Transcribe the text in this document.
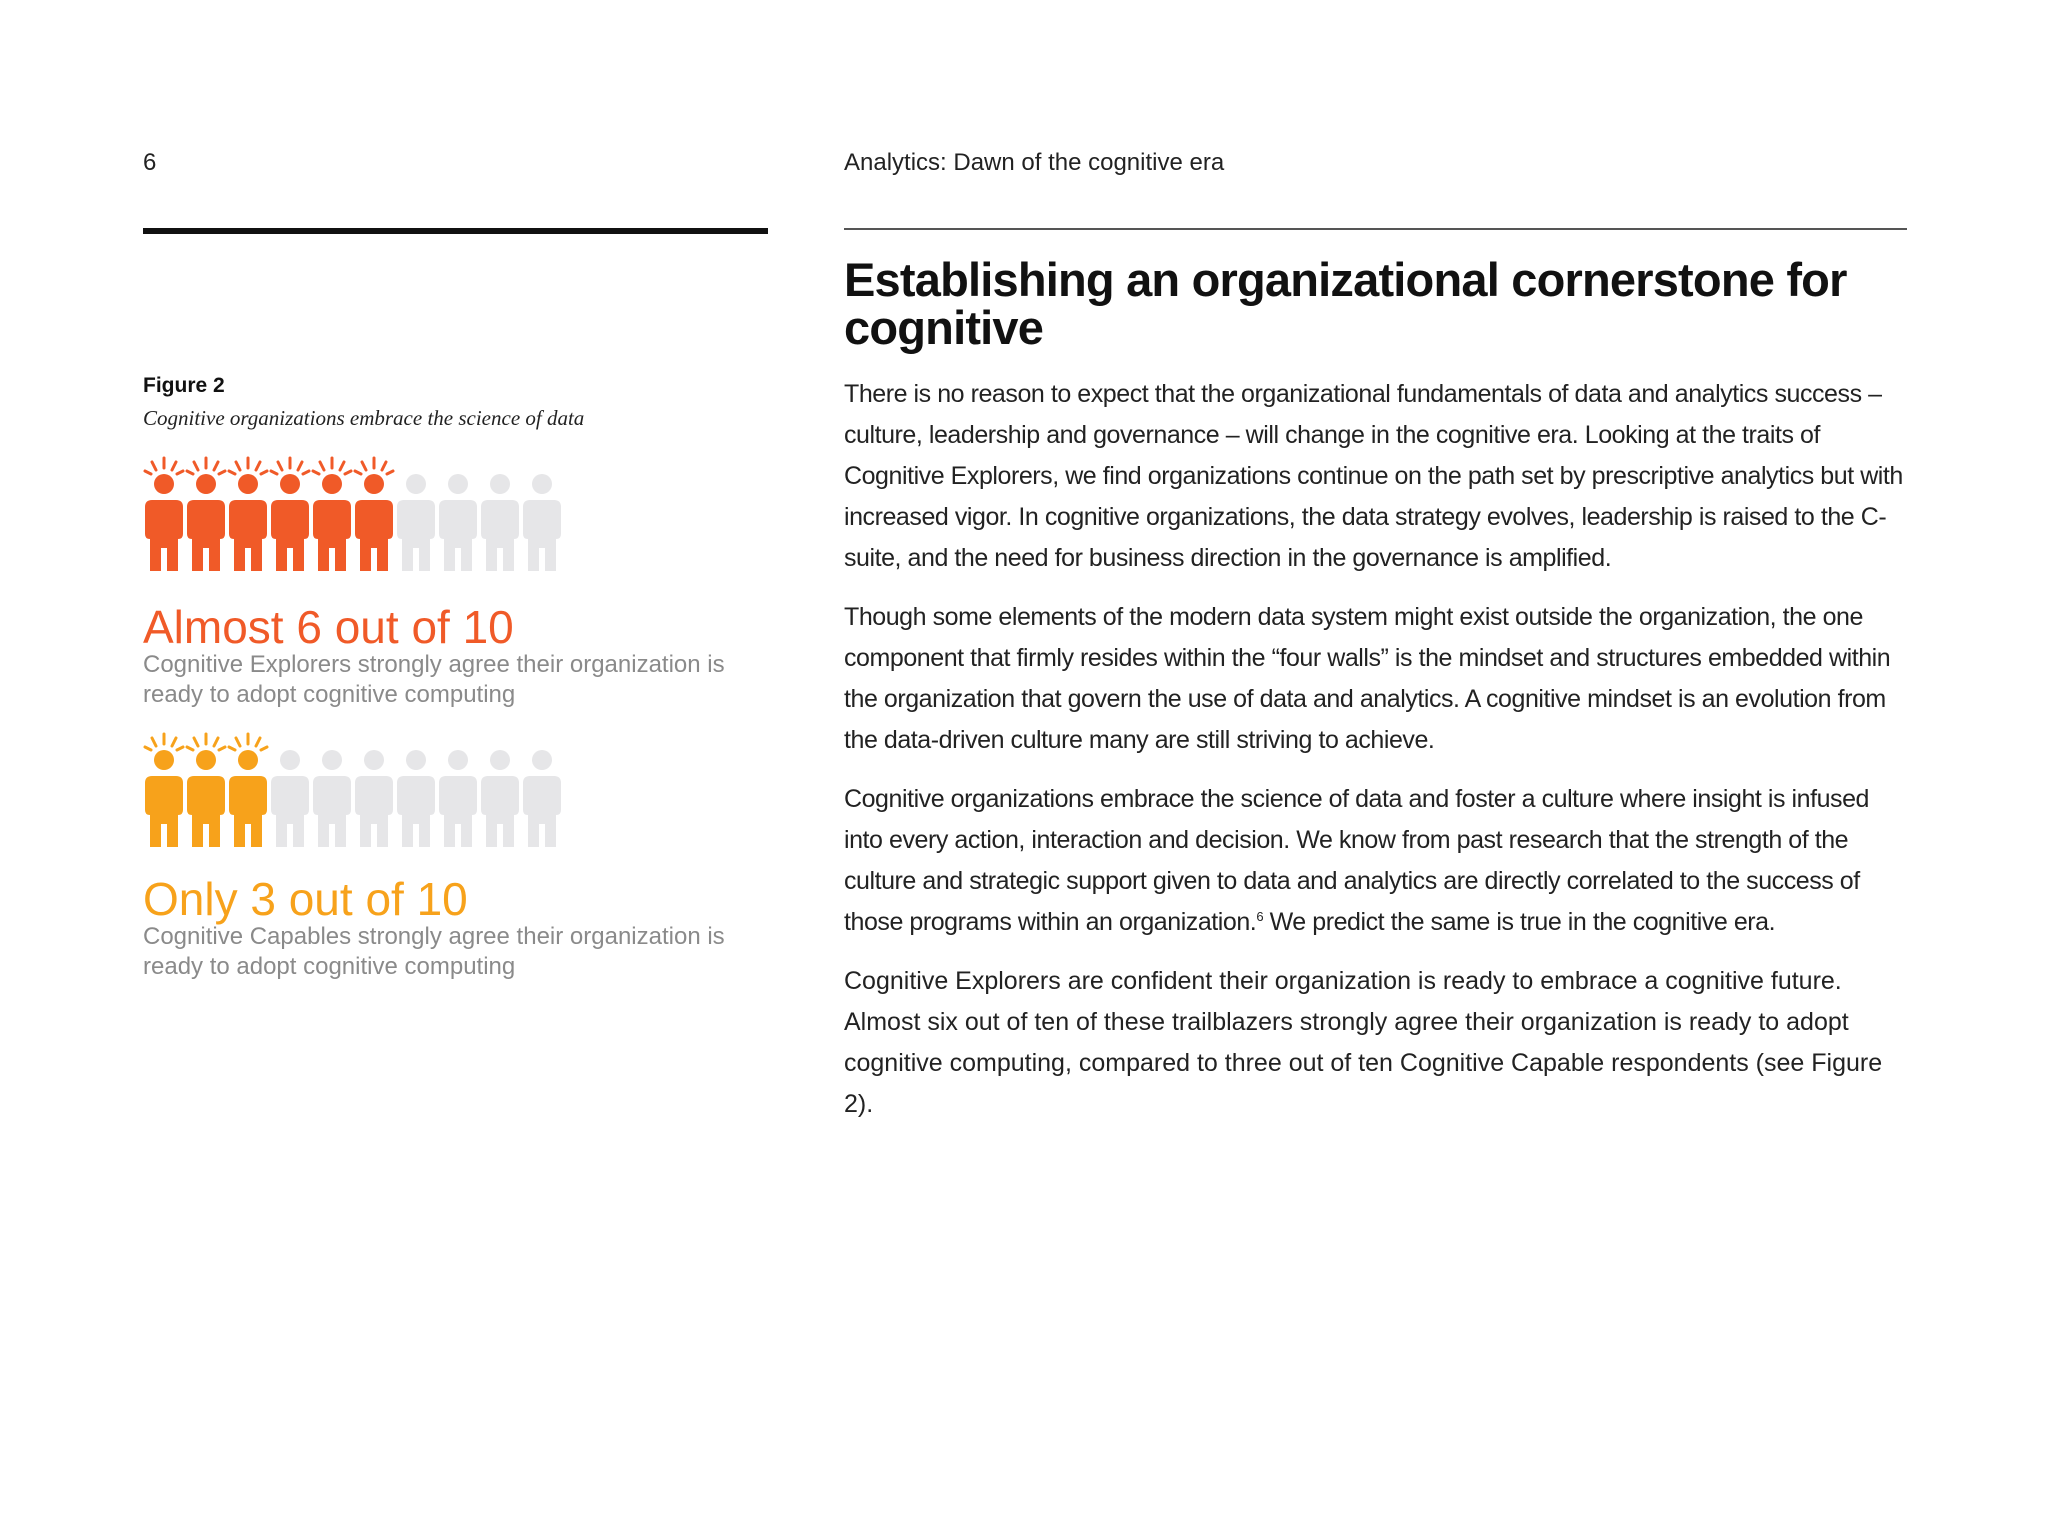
6	Analytics: Dawn of the cognitive era

Figure 2

Cognitive organizations embrace the science of data

Almost 6 out of 10
Cognitive Explorers strongly agree their organization is ready to adopt cognitive computing
Only 3 out of 10
Cognitive Capables strongly agree their organization is ready to adopt cognitive computing
Establishing an organizational cornerstone for cognitive

There is no reason to expect that the organizational fundamentals of data and analytics success – culture, leadership and governance – will change in the cognitive era. Looking at the traits of Cognitive Explorers, we find organizations continue on the path set by prescriptive analytics but with increased vigor. In cognitive organizations, the data strategy evolves, leadership is raised to the C-suite, and the need for business direction in the governance is amplified.

Though some elements of the modern data system might exist outside the organization, the one component that firmly resides within the “four walls” is the mindset and structures embedded within the organization that govern the use of data and analytics. A cognitive mindset is an evolution from the data-driven culture many are still striving to achieve.

Cognitive organizations embrace the science of data and foster a culture where insight is infused into every action, interaction and decision. We know from past research that the strength of the culture and strategic support given to data and analytics are directly correlated to the success of those programs within an organization.$^6$ We predict the same is true in the cognitive era.

Cognitive Explorers are confident their organization is ready to embrace a cognitive future. Almost six out of ten of these trailblazers strongly agree their organization is ready to adopt cognitive computing, compared to three out of ten Cognitive Capable respondents (see Figure 2).
